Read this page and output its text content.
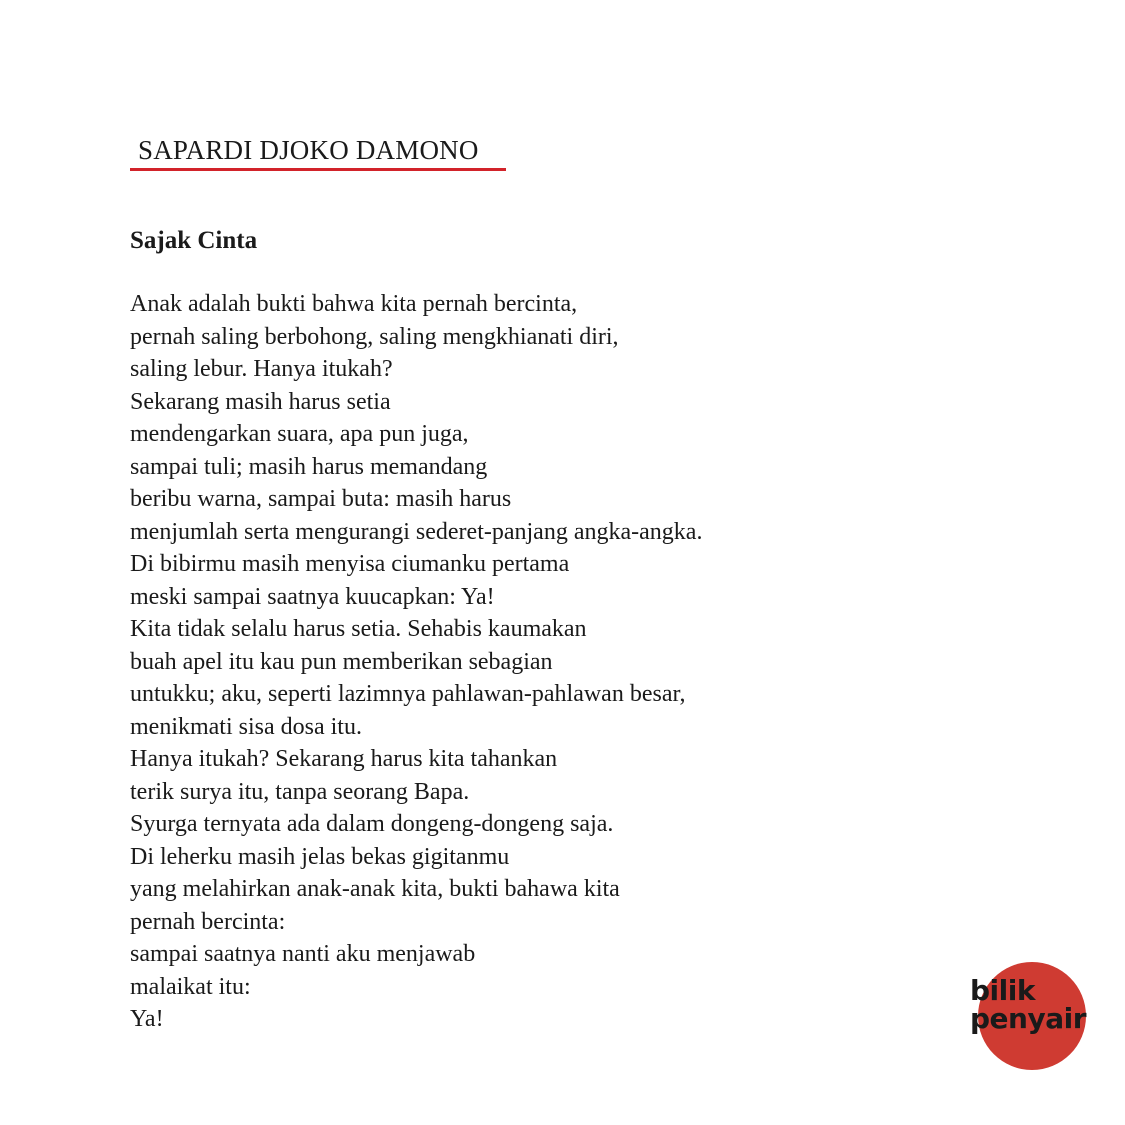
SAPARDI DJOKO DAMONO
Sajak Cinta
Anak adalah bukti bahwa kita pernah bercinta,
pernah saling berbohong, saling mengkhianati diri,
saling lebur. Hanya itukah?
Sekarang masih harus setia
mendengarkan suara, apa pun juga,
sampai tuli; masih harus memandang
beribu warna, sampai buta: masih harus
menjumlah serta mengurangi sederet-panjang angka-angka.
Di bibirmu masih menyisa ciumanku pertama
meski sampai saatnya kuucapkan: Ya!
Kita tidak selalu harus setia. Sehabis kaumakan
buah apel itu kau pun memberikan sebagian
untukku; aku, seperti lazimnya pahlawan-pahlawan besar,
menikmati sisa dosa itu.
Hanya itukah? Sekarang harus kita tahankan
terik surya itu, tanpa seorang Bapa.
Syurga ternyata ada dalam dongeng-dongeng saja.
Di leherku masih jelas bekas gigitanmu
yang melahirkan anak-anak kita, bukti bahawa kita
pernah bercinta:
sampai saatnya nanti aku menjawab
malaikat itu:
Ya!
bilik
penyair
